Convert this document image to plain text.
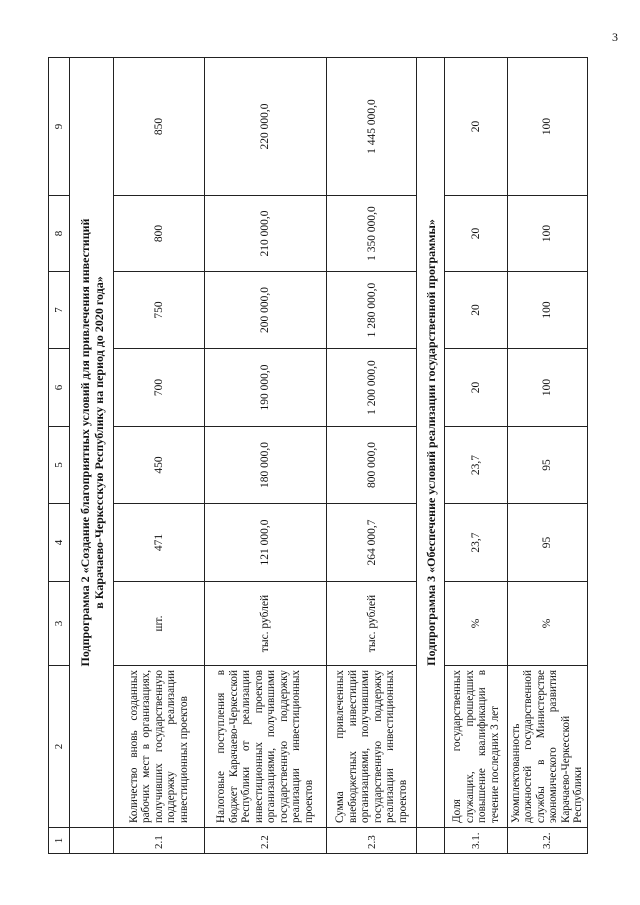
3
1	2	3	4	5	6	7	8	9

	Подпрограмма 2 «Создание благоприятных условий для привлечения инвестиций в Карачаево-Черкесскую Республику на период до 2020 года»							

2.1	Количество вновь созданных рабочих мест в организациях, получивших государственную поддержку реализации инвестиционных проектов	шт.	471	450	700	750	800	850
2.2	Налоговые поступления в бюджет Карачаево-Черкесской Республики от реализации инвестиционных проектов организациями, получившими государственную поддержку реализации инвестиционных проектов	тыс. рублей	121 000,0	180 000,0	190 000,0	200 000,0	210 000,0	220 000,0
2.3	Сумма привлеченных внебюджетных инвестиций организациями, получившими государственную поддержку реализации инвестиционных проектов	тыс. рублей	264 000,7	800 000,0	1 200 000,0	1 280 000,0	1 350 000,0	1 445 000,0

	Подпрограмма 3 «Обеспечение условий реализации государственной программы»							

3.1.	Доля государственных служащих, прошедших повышение квалификации в течение последних 3 лет	%	23,7	23,7	20	20	20	20
3.2.	Укомплектованность должностей государственной службы в Министерстве экономического развития Карачаево-Черкесской Республики	%	95	95	100	100	100	100
